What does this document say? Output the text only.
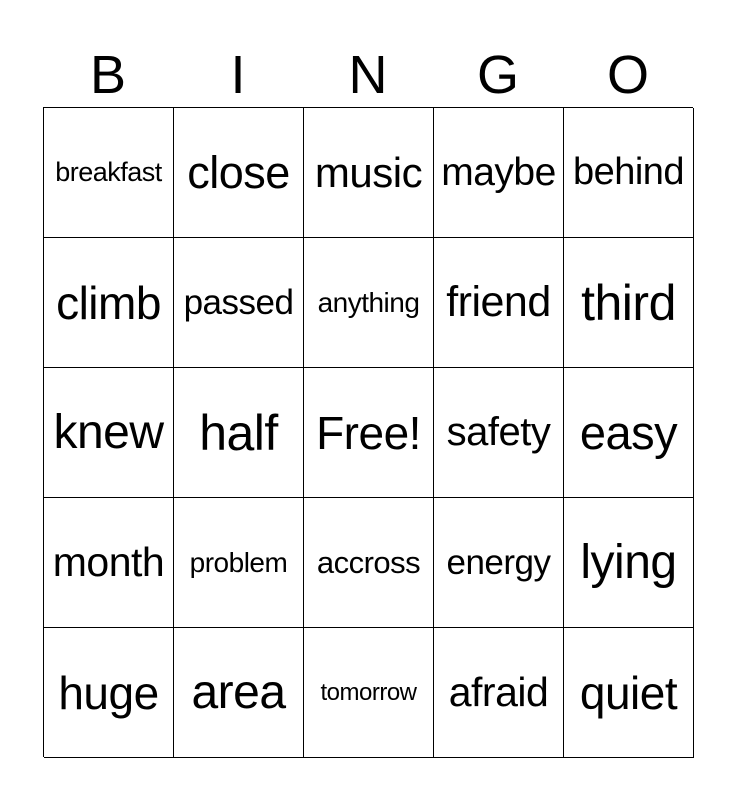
B	I	N	G	O
breakfast close music maybe behind
climb passed anything friend third
knew half Free! safety easy
month problem accross energy lying
huge area tomorrow afraid quiet
